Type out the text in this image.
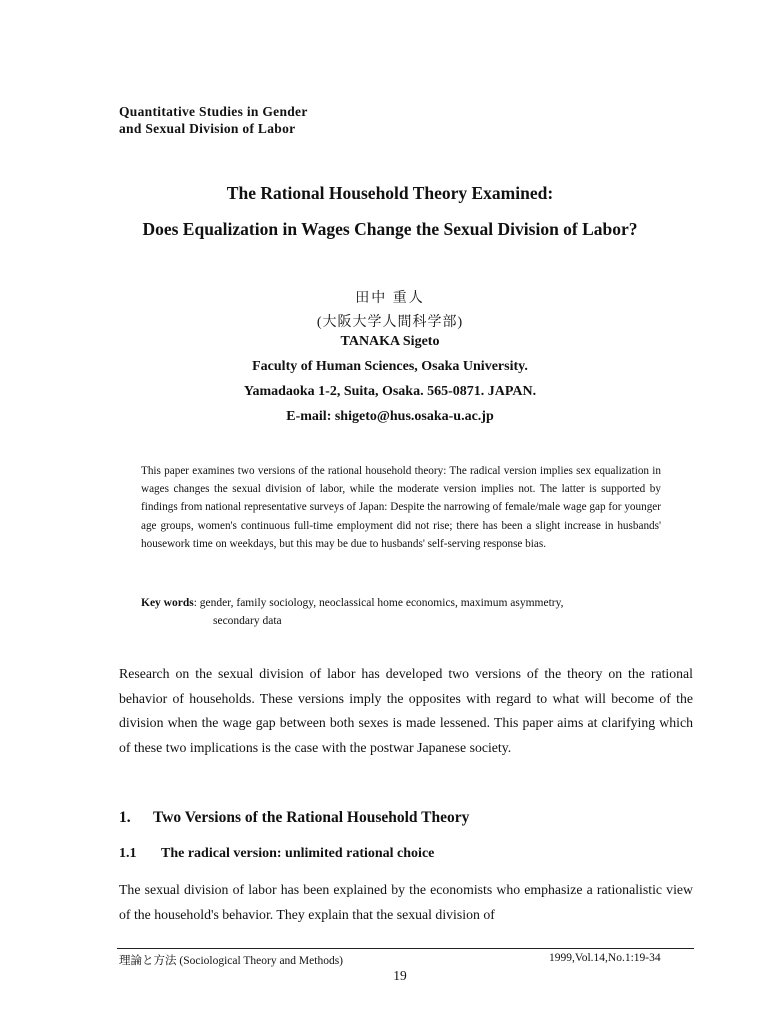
Quantitative Studies in Gender
and Sexual Division of Labor
The Rational Household Theory Examined:
Does Equalization in Wages Change the Sexual Division of Labor?
田中 重人
(大阪大学人間科学部)
TANAKA Sigeto
Faculty of Human Sciences, Osaka University.
Yamadaoka 1-2, Suita, Osaka. 565-0871. JAPAN.
E-mail: shigeto@hus.osaka-u.ac.jp
This paper examines two versions of the rational household theory: The radical version implies sex equalization in wages changes the sexual division of labor, while the moderate version implies not. The latter is supported by findings from national representative surveys of Japan: Despite the narrowing of female/male wage gap for younger age groups, women's continuous full-time employment did not rise; there has been a slight increase in husbands' housework time on weekdays, but this may be due to husbands' self-serving response bias.
Key words: gender, family sociology, neoclassical home economics, maximum asymmetry,
secondary data
Research on the sexual division of labor has developed two versions of the theory on the rational behavior of households. These versions imply the opposites with regard to what will become of the division when the wage gap between both sexes is made lessened. This paper aims at clarifying which of these two implications is the case with the postwar Japanese society.
1. Two Versions of the Rational Household Theory
1.1 The radical version: unlimited rational choice
The sexual division of labor has been explained by the economists who emphasize a rationalistic view of the household's behavior. They explain that the sexual division of
理論と方法 (Sociological Theory and Methods)	1999,Vol.14,No.1:19-34
19
